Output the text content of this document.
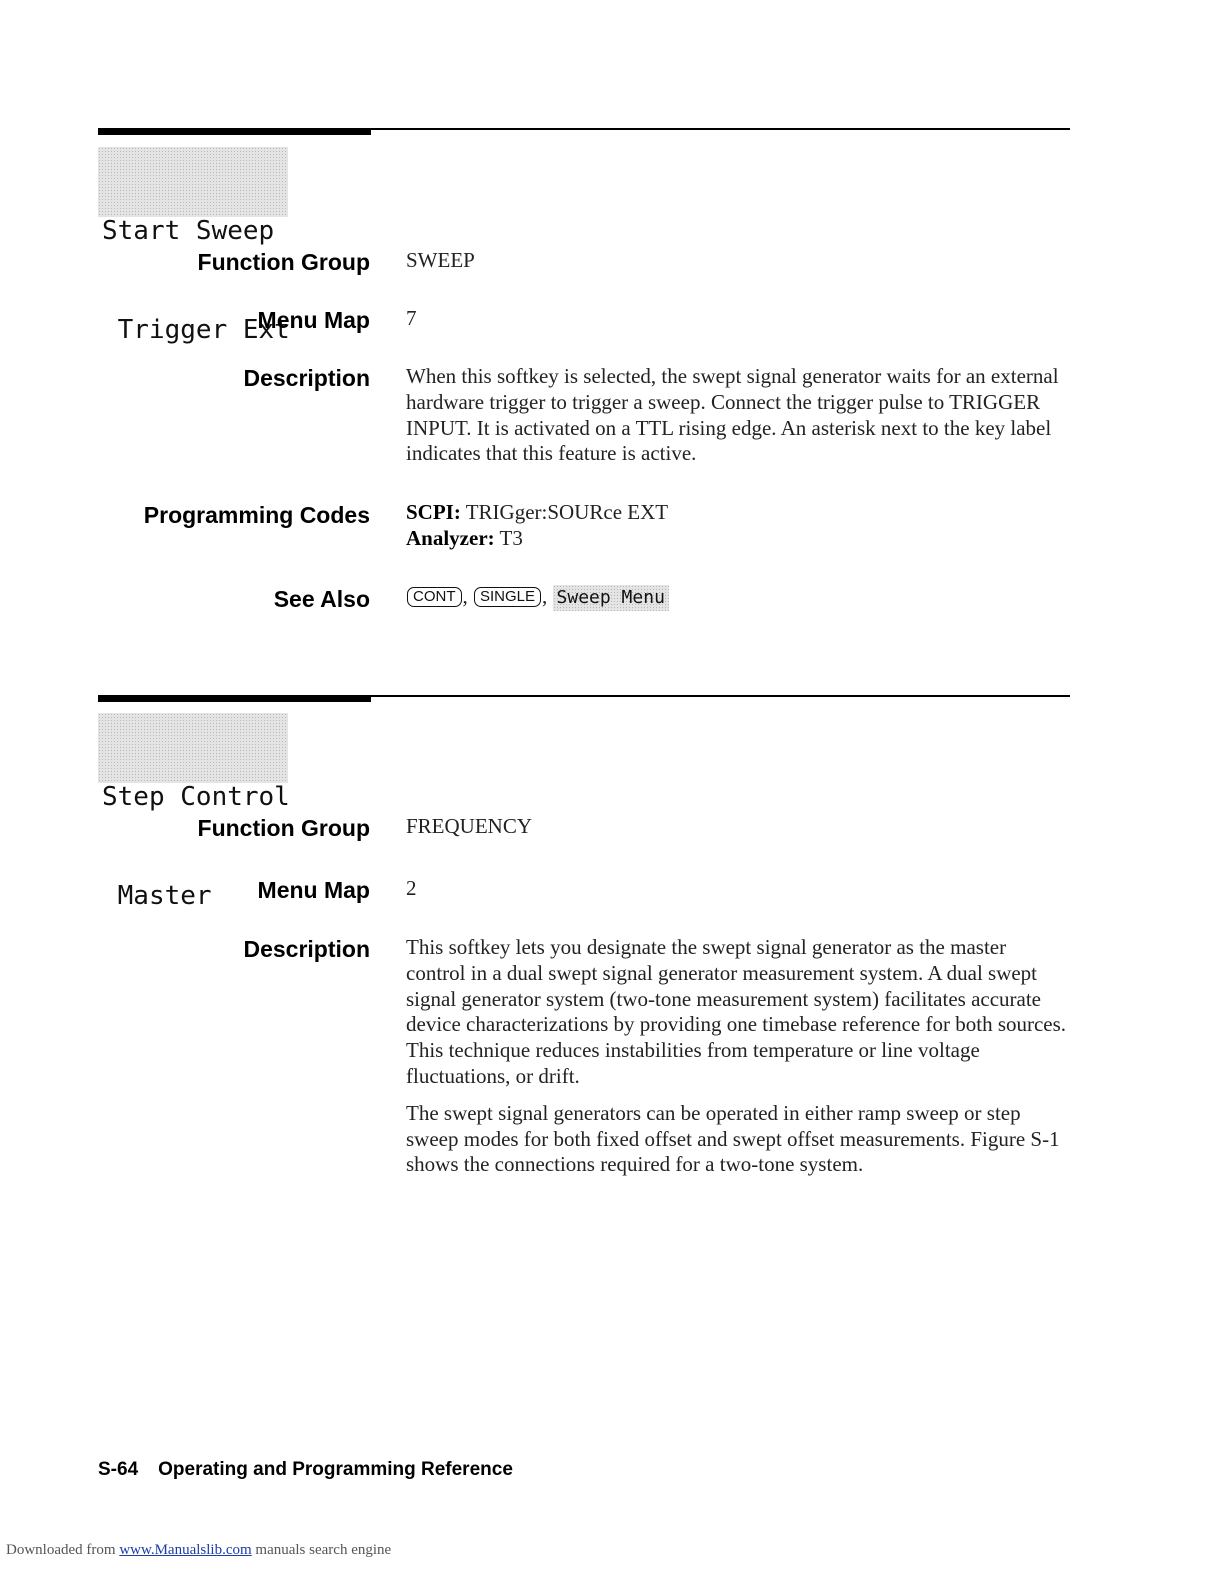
Start Sweep

Trigger Ext

Function Group SWEEP
Menu Map 7
Description When this softkey is selected, the swept signal generator waits for an external hardware trigger to trigger a sweep. Connect the trigger pulse to TRIGGER INPUT. It is activated on a TTL rising edge. An asterisk next to the key label indicates that this feature is active.

Programming Codes SCPI: TRIGger:SOURce EXT
Analyzer: T3
See Also	CONT , SINGLE , Sweep Menu

Step Control

Master

Function Group FREQUENCY
Menu Map 2
Description This softkey lets you designate the swept signal generator as the master control in a dual swept signal generator measurement system. A dual swept signal generator system (two-tone measurement system) facilitates accurate device characterizations by providing one timebase reference for both sources. This technique reduces instabilities from temperature or line voltage fluctuations, or drift.

The swept signal generators can be operated in either ramp sweep or step sweep modes for both fixed offset and swept offset measurements. Figure S-1 shows the connections required for a two-tone system.

S-64 Operating and Programming Reference
Downloaded from www.Manualslib.com manuals search engine
